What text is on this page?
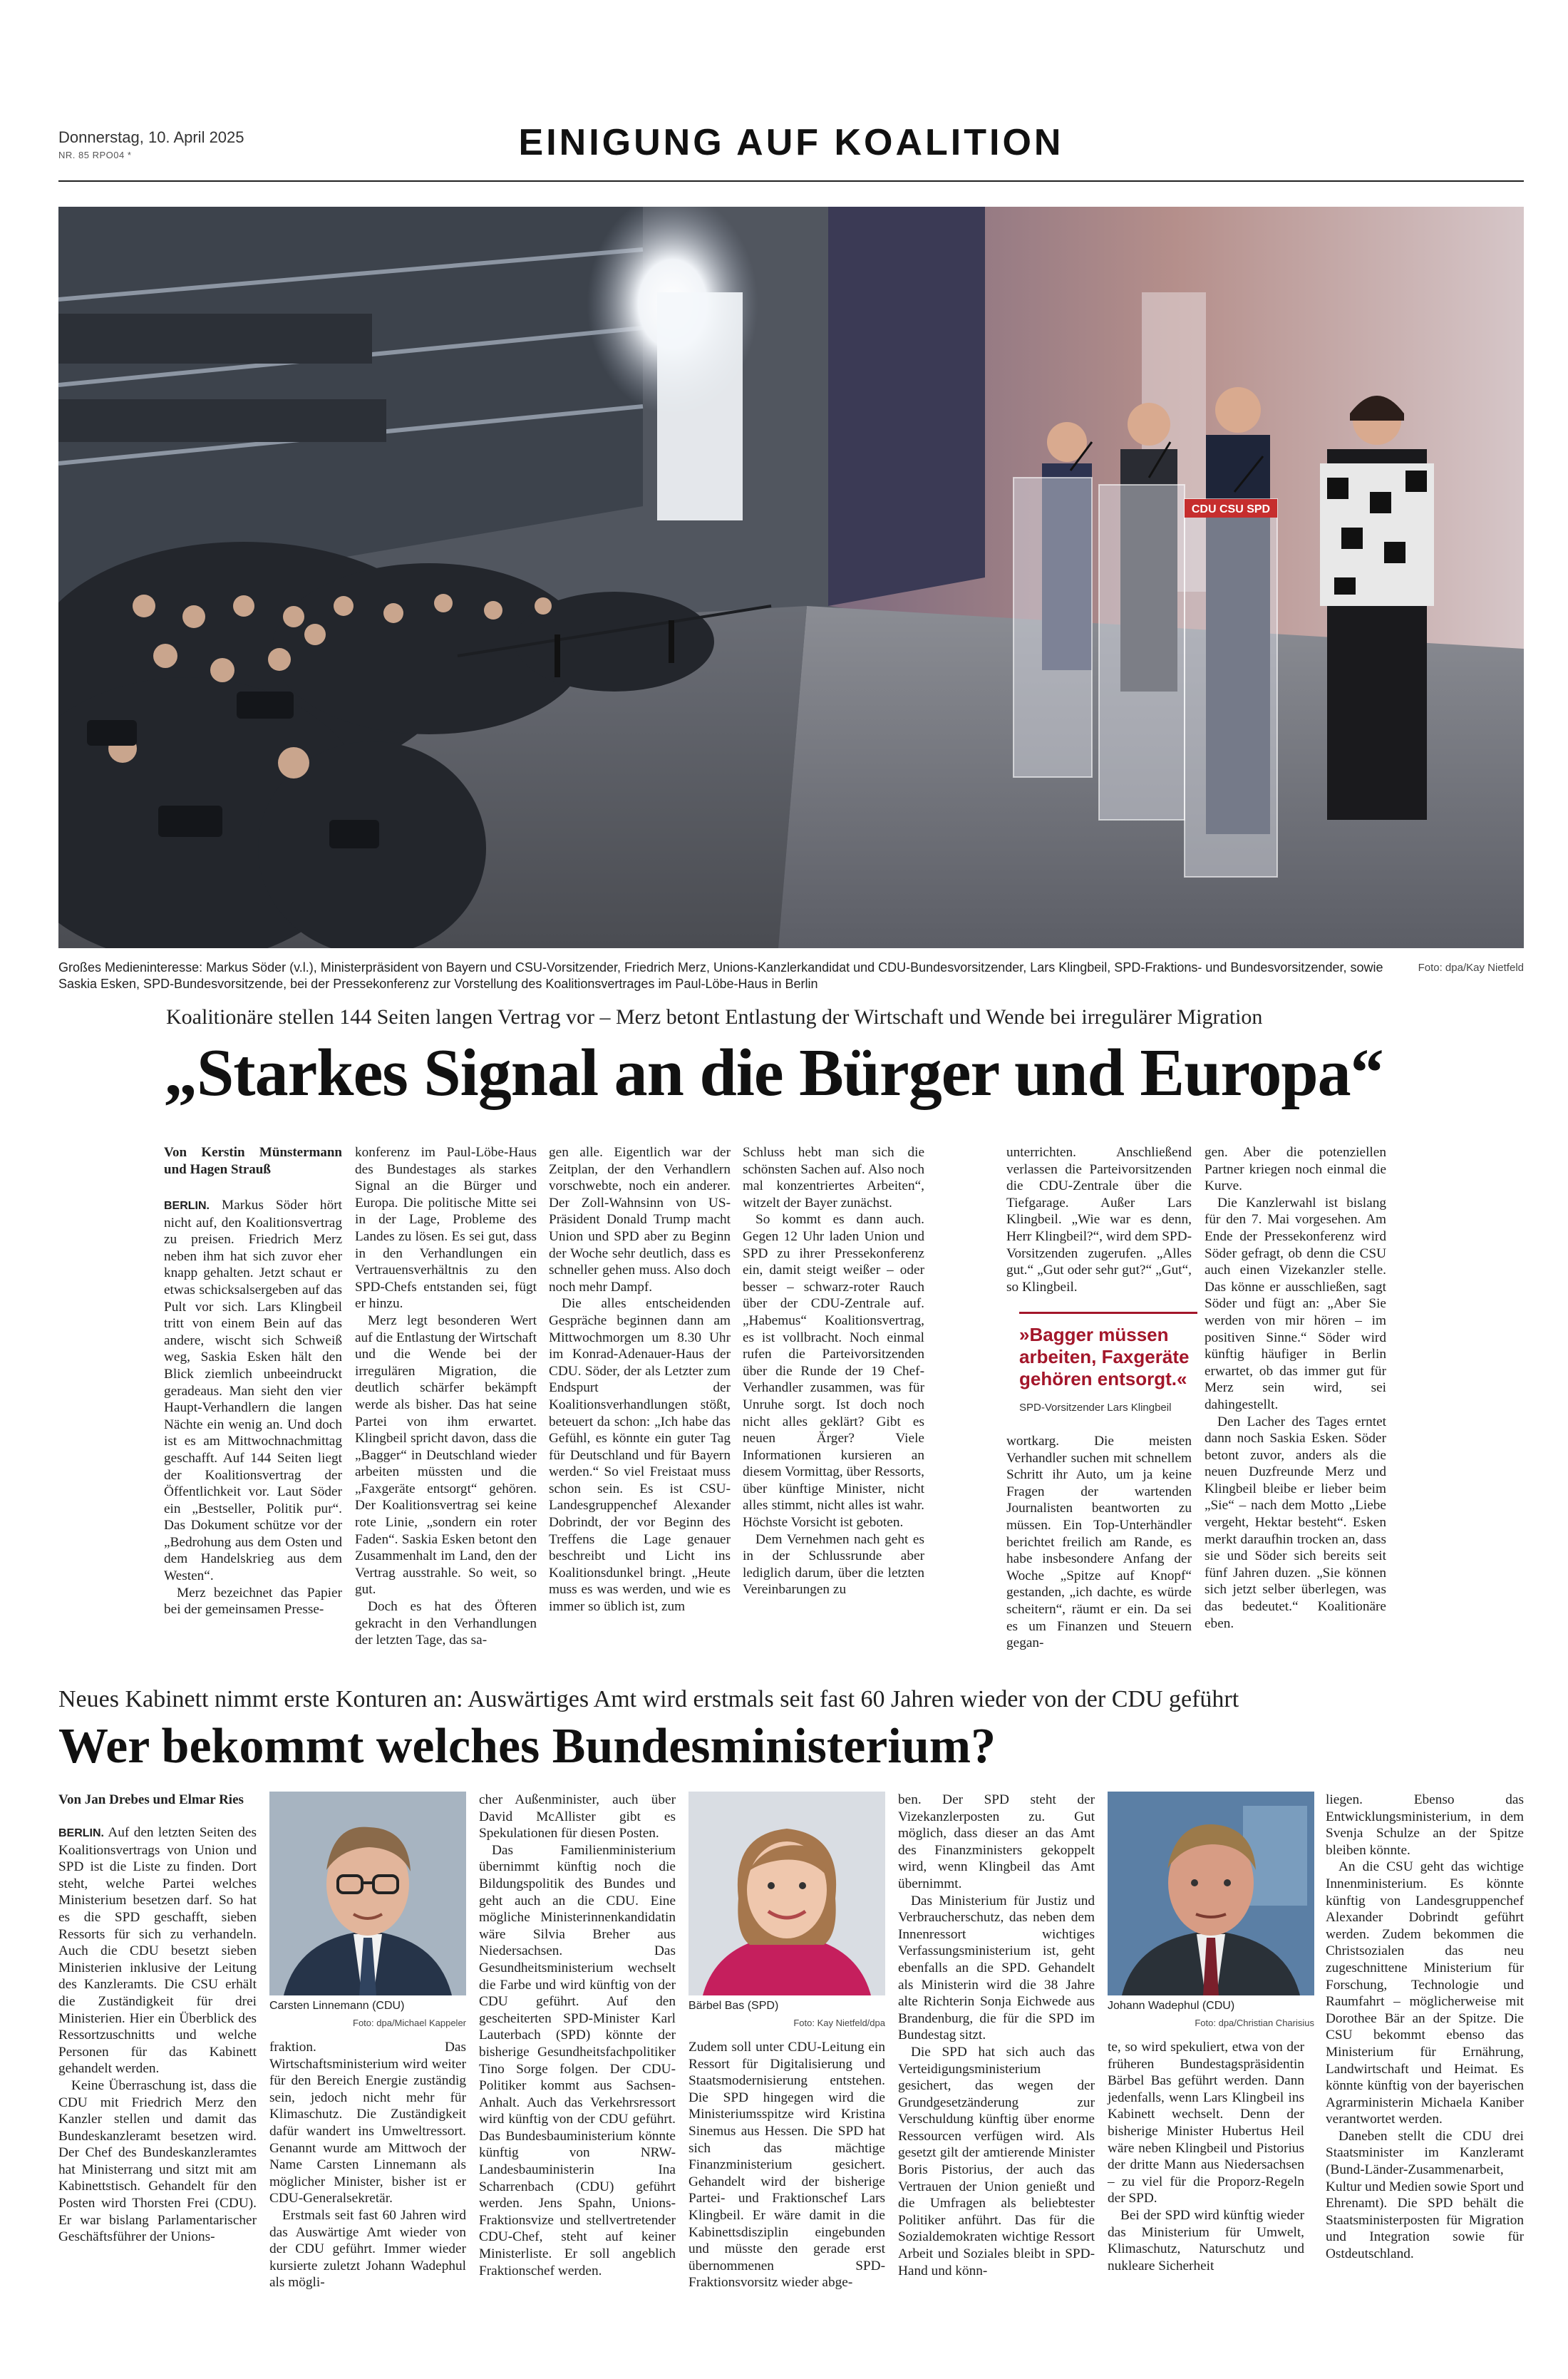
Donnerstag, 10. April 2025
NR. 85 RPO04 *	EINIGUNG AUF KOALITION
CDU CSU SPD
Foto: dpa/Kay Nietfeld
Großes Medieninteresse: Markus Söder (v.l.), Ministerpräsident von Bayern und CSU-Vorsitzender, Friedrich Merz, Unions-Kanzlerkandidat und CDU-Bundesvorsitzender, Lars Klingbeil, SPD-Fraktions- und Bundesvorsitzender, sowie Saskia Esken, SPD-Bundesvorsitzende, bei der Pressekonferenz zur Vorstellung des Koalitionsvertrages im Paul-Löbe-Haus in Berlin
Koalitionäre stellen 144 Seiten langen Vertrag vor – Merz betont Entlastung der Wirtschaft und Wende bei irregulärer Migration
„Starkes Signal an die Bürger und Europa“
Von Kerstin Münstermann und Hagen Strauß

BERLIN. Markus Söder hört nicht auf, den Koalitionsvertrag zu preisen. Friedrich Merz neben ihm hat sich zuvor eher knapp gehalten. Jetzt schaut er etwas schicksalsergeben auf das Pult vor sich. Lars Klingbeil tritt von einem Bein auf das andere, wischt sich Schweiß weg, Saskia Esken hält den Blick ziemlich unbeeindruckt geradeaus. Man sieht den vier Haupt-Verhandlern die langen Nächte ein wenig an. Und doch ist es am Mittwochnachmittag geschafft. Auf 144 Seiten liegt der Koalitionsvertrag der Öffentlichkeit vor. Laut Söder ein „Bestseller, Politik pur“. Das Dokument schütze vor der „Bedrohung aus dem Osten und dem Handelskrieg aus dem Westen“.

Merz bezeichnet das Papier bei der gemeinsamen Presse-

konferenz im Paul-Löbe-Haus des Bundestages als starkes Signal an die Bürger und Europa. Die politische Mitte sei in der Lage, Probleme des Landes zu lösen. Es sei gut, dass in den Verhandlungen ein Vertrauensverhältnis zu den SPD-Chefs entstanden sei, fügt er hinzu.

Merz legt besonderen Wert auf die Entlastung der Wirtschaft und die Wende bei der irregulären Migration, die deutlich schärfer bekämpft werde als bisher. Das hat seine Partei von ihm erwartet. Klingbeil spricht davon, dass die „Bagger“ in Deutschland wieder arbeiten müssten und die „Faxgeräte entsorgt“ gehören. Der Koalitionsvertrag sei keine rote Linie, „sondern ein roter Faden“. Saskia Esken betont den Zusammenhalt im Land, den der Vertrag ausstrahle. So weit, so gut.

Doch es hat des Öfteren gekracht in den Verhandlungen der letzten Tage, das sa-

gen alle. Eigentlich war der Zeitplan, der den Verhandlern vorschwebte, noch ein anderer. Der Zoll-Wahnsinn von US-Präsident Donald Trump macht Union und SPD aber zu Beginn der Woche sehr deutlich, dass es schneller gehen muss. Also doch noch mehr Dampf.

Die alles entscheidenden Gespräche beginnen dann am Mittwochmorgen um 8.30 Uhr im Konrad-Adenauer-Haus der CDU. Söder, der als Letzter zum Endspurt der Koalitionsverhandlungen stößt, beteuert da schon: „Ich habe das Gefühl, es könnte ein guter Tag für Deutschland und für Bayern werden.“ So viel Freistaat muss schon sein. Es ist CSU-Landesgruppenchef Alexander Dobrindt, der vor Beginn des Treffens die Lage genauer beschreibt und Licht ins Koalitionsdunkel bringt. „Heute muss es was werden, und wie es immer so üblich ist, zum

Schluss hebt man sich die schönsten Sachen auf. Also noch mal konzentriertes Arbeiten“, witzelt der Bayer zunächst.

So kommt es dann auch. Gegen 12 Uhr laden Union und SPD zu ihrer Pressekonferenz ein, damit steigt weißer – oder besser – schwarz-roter Rauch über der CDU-Zentrale auf. „Habemus“ Koalitionsvertrag, es ist vollbracht. Noch einmal rufen die Parteivorsitzenden über die Runde der 19 Chef-Verhandler zusammen, was für Unruhe sorgt. Ist doch noch nicht alles geklärt? Gibt es neuen Ärger? Viele Informationen kursieren an diesem Vormittag, über Ressorts, über künftige Minister, nicht alles stimmt, nicht alles ist wahr. Höchste Vorsicht ist geboten.

Dem Vernehmen nach geht es in der Schlussrunde aber lediglich darum, über die letzten Vereinbarungen zu

unterrichten. Anschließend verlassen die Parteivorsitzenden die CDU-Zentrale über die Tiefgarage. Außer Lars Klingbeil. „Wie war es denn, Herr Klingbeil?“, wird dem SPD-Vorsitzenden zugerufen. „Alles gut.“ „Gut oder sehr gut?“ „Gut“, so Klingbeil.

»Bagger müssen arbeiten, Faxgeräte gehören entsorgt.«
SPD-Vorsitzender Lars Klingbeil

wortkarg. Die meisten Verhandler suchen mit schnellem Schritt ihr Auto, um ja keine Fragen der wartenden Journalisten beantworten zu müssen. Ein Top-Unterhändler berichtet freilich am Rande, es habe insbesondere Anfang der Woche „Spitze auf Knopf“ gestanden, „ich dachte, es würde scheitern“, räumt er ein. Da sei es um Finanzen und Steuern gegan-

gen. Aber die potenziellen Partner kriegen noch einmal die Kurve.

Die Kanzlerwahl ist bislang für den 7. Mai vorgesehen. Am Ende der Pressekonferenz wird Söder gefragt, ob denn die CSU auch einen Vizekanzler stelle. Das könne er ausschließen, sagt Söder und fügt an: „Aber Sie werden von mir hören – im positiven Sinne.“ Söder wird künftig häufiger in Berlin erwartet, ob das immer gut für Merz sein wird, sei dahingestellt.

Den Lacher des Tages erntet dann noch Saskia Esken. Söder betont zuvor, anders als die neuen Duzfreunde Merz und Klingbeil bleibe er lieber beim „Sie“ – nach dem Motto „Liebe vergeht, Hektar besteht“. Esken merkt daraufhin trocken an, dass sie und Söder sich bereits seit fünf Jahren duzen. „Sie können sich jetzt selber überlegen, was das bedeutet.“ Koalitionäre eben.

Neues Kabinett nimmt erste Konturen an: Auswärtiges Amt wird erstmals seit fast 60 Jahren wieder von der CDU geführt
Wer bekommt welches Bundesministerium?
Von Jan Drebes und Elmar Ries

BERLIN. Auf den letzten Seiten des Koalitionsvertrags von Union und SPD ist die Liste zu finden. Dort steht, welche Partei welches Ministerium besetzen darf. So hat es die SPD geschafft, sieben Ressorts für sich zu verhandeln. Auch die CDU besetzt sieben Ministerien inklusive der Leitung des Kanzleramts. Die CSU erhält die Zuständigkeit für drei Ministerien. Hier ein Überblick des Ressortzuschnitts und welche Personen für das Kabinett gehandelt werden.

Keine Überraschung ist, dass die CDU mit Friedrich Merz den Kanzler stellen und damit das Bundeskanzleramt besetzen wird. Der Chef des Bundeskanzleramtes hat Ministerrang und sitzt mit am Kabinettstisch. Gehandelt für den Posten wird Thorsten Frei (CDU). Er war bislang Parlamentarischer Geschäftsführer der Unions-

Carsten Linnemann (CDU)
Foto: dpa/Michael Kappeler

fraktion. Das Wirtschaftsministerium wird weiter für den Bereich Energie zuständig sein, jedoch nicht mehr für Klimaschutz. Die Zuständigkeit dafür wandert ins Umweltressort. Genannt wurde am Mittwoch der Name Carsten Linnemann als möglicher Minister, bisher ist er CDU-Generalsekretär.

Erstmals seit fast 60 Jahren wird das Auswärtige Amt wieder von der CDU geführt. Immer wieder kursierte zuletzt Johann Wadephul als mögli-

cher Außenminister, auch über David McAllister gibt es Spekulationen für diesen Posten.

Das Familienministerium übernimmt künftig noch die Bildungspolitik des Bundes und geht auch an die CDU. Eine mögliche Ministerinnenkandidatin wäre Silvia Breher aus Niedersachsen. Das Gesundheitsministerium wechselt die Farbe und wird künftig von der CDU geführt. Auf den gescheiterten SPD-Minister Karl Lauterbach (SPD) könnte der bisherige Gesundheitsfachpolitiker Tino Sorge folgen. Der CDU-Politiker kommt aus Sachsen-Anhalt. Auch das Verkehrsressort wird künftig von der CDU geführt. Das Bundesbauministerium könnte künftig von NRW-Landesbauministerin Ina Scharrenbach (CDU) geführt werden. Jens Spahn, Unions-Fraktionsvize und stellvertretender CDU-Chef, steht auf keiner Ministerliste. Er soll angeblich Fraktionschef werden.

Bärbel Bas (SPD)
Foto: Kay Nietfeld/dpa

Zudem soll unter CDU-Leitung ein Ressort für Digitalisierung und Staatsmodernisierung entstehen. Die SPD hingegen wird die Ministeriumsspitze wird Kristina Sinemus aus Hessen. Die SPD hat sich das mächtige Finanzministerium gesichert. Gehandelt wird der bisherige Partei- und Fraktionschef Lars Klingbeil. Er wäre damit in die Kabinettsdisziplin eingebunden und müsste den gerade erst übernommenen SPD-Fraktionsvorsitz wieder abge-

ben. Der SPD steht der Vizekanzlerposten zu. Gut möglich, dass dieser an das Amt des Finanzministers gekoppelt wird, wenn Klingbeil das Amt übernimmt.

Das Ministerium für Justiz und Verbraucherschutz, das neben dem Innenressort wichtiges Verfassungsministerium ist, geht ebenfalls an die SPD. Gehandelt als Ministerin wird die 38 Jahre alte Richterin Sonja Eichwede aus Brandenburg, die für die SPD im Bundestag sitzt.

Die SPD hat sich auch das Verteidigungsministerium gesichert, das wegen der Grundgesetzänderung zur Verschuldung künftig über enorme Ressourcen verfügen wird. Als gesetzt gilt der amtierende Minister Boris Pistorius, der auch das Vertrauen der Union genießt und die Umfragen als beliebtester Politiker anführt. Das für die Sozialdemokraten wichtige Ressort Arbeit und Soziales bleibt in SPD-Hand und könn-

Johann Wadephul (CDU)
Foto: dpa/Christian Charisius

te, so wird spekuliert, etwa von der früheren Bundestagspräsidentin Bärbel Bas geführt werden. Dann jedenfalls, wenn Lars Klingbeil ins Kabinett wechselt. Denn der bisherige Minister Hubertus Heil wäre neben Klingbeil und Pistorius der dritte Mann aus Niedersachsen – zu viel für die Proporz-Regeln der SPD.

Bei der SPD wird künftig wieder das Ministerium für Umwelt, Klimaschutz, Naturschutz und nukleare Sicherheit

liegen. Ebenso das Entwicklungsministerium, in dem Svenja Schulze an der Spitze bleiben könnte.

An die CSU geht das wichtige Innenministerium. Es könnte künftig von Landesgruppenchef Alexander Dobrindt geführt werden. Zudem bekommen die Christsozialen das neu zugeschnittene Ministerium für Forschung, Technologie und Raumfahrt – möglicherweise mit Dorothee Bär an der Spitze. Die CSU bekommt ebenso das Ministerium für Ernährung, Landwirtschaft und Heimat. Es könnte künftig von der bayerischen Agrarministerin Michaela Kaniber verantwortet werden.

Daneben stellt die CDU drei Staatsminister im Kanzleramt (Bund-Länder-Zusammenarbeit, Kultur und Medien sowie Sport und Ehrenamt). Die SPD behält die Staatsministerposten für Migration und Integration sowie für Ostdeutschland.
